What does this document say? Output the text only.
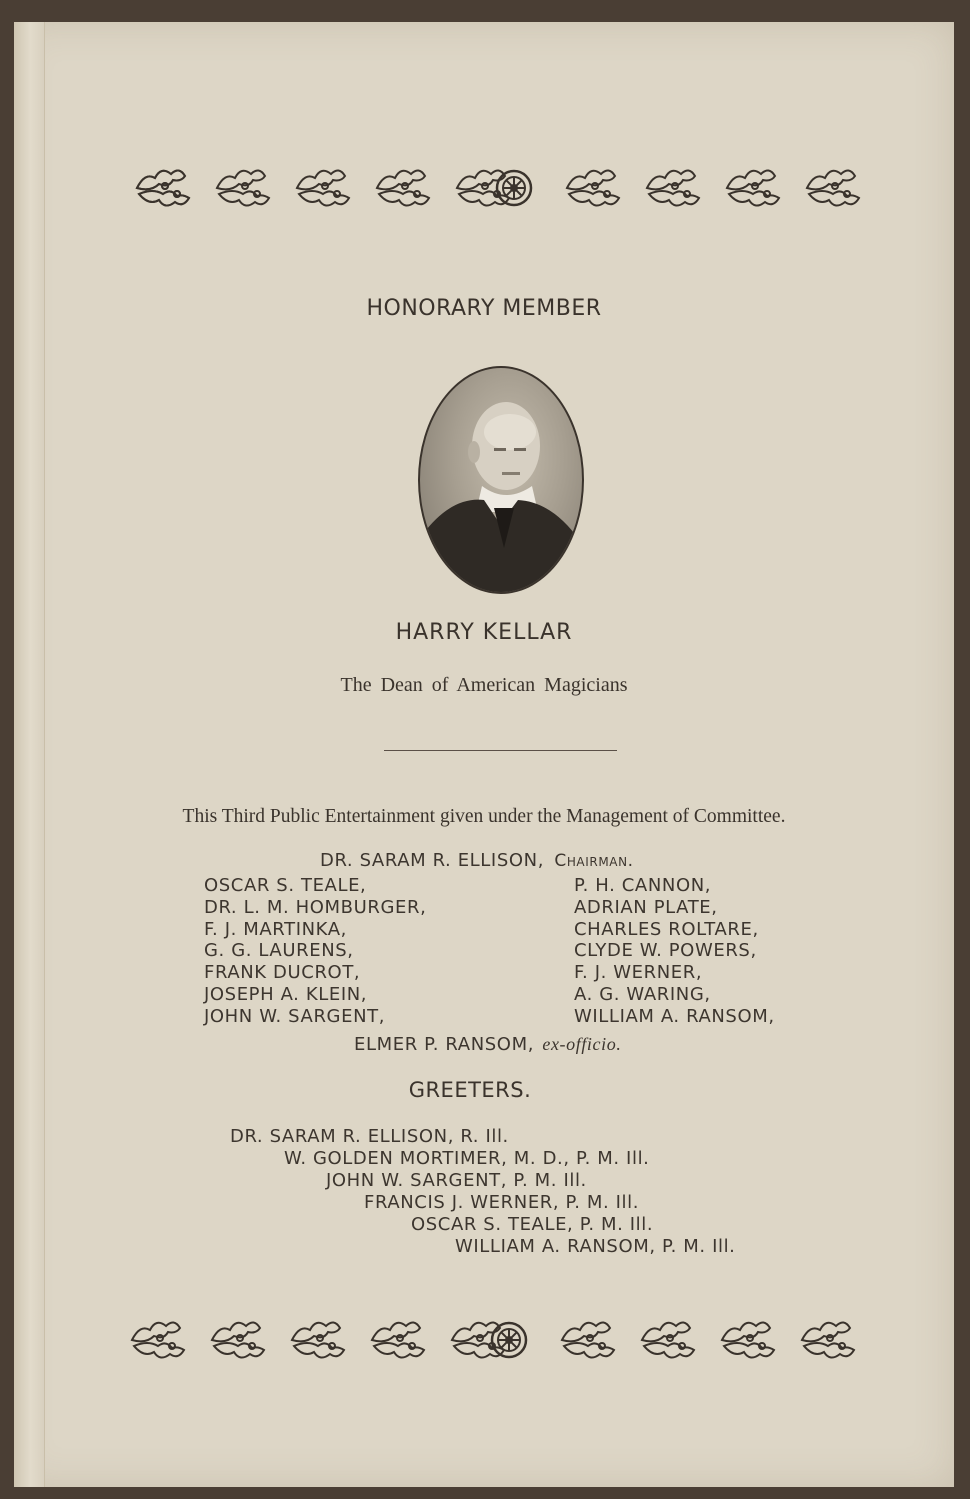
HONORARY MEMBER
HARRY KELLAR
The Dean of American Magicians
This Third Public Entertainment given under the Management of Committee.
DR. SARAM R. ELLISON, Chairman.
OSCAR S. TEALE,
DR. L. M. HOMBURGER,
F. J. MARTINKA,
G. G. LAURENS,
FRANK DUCROT,
JOSEPH A. KLEIN,
JOHN W. SARGENT,
P. H. CANNON,
ADRIAN PLATE,
CHARLES ROLTARE,
CLYDE W. POWERS,
F. J. WERNER,
A. G. WARING,
WILLIAM A. RANSOM,
ELMER P. RANSOM, ex-officio.
GREETERS.
DR. SARAM R. ELLISON, R. Ill.
W. GOLDEN MORTIMER, M. D., P. M. Ill.
JOHN W. SARGENT, P. M. Ill.
FRANCIS J. WERNER, P. M. Ill.
OSCAR S. TEALE, P. M. Ill.
WILLIAM A. RANSOM, P. M. Ill.
